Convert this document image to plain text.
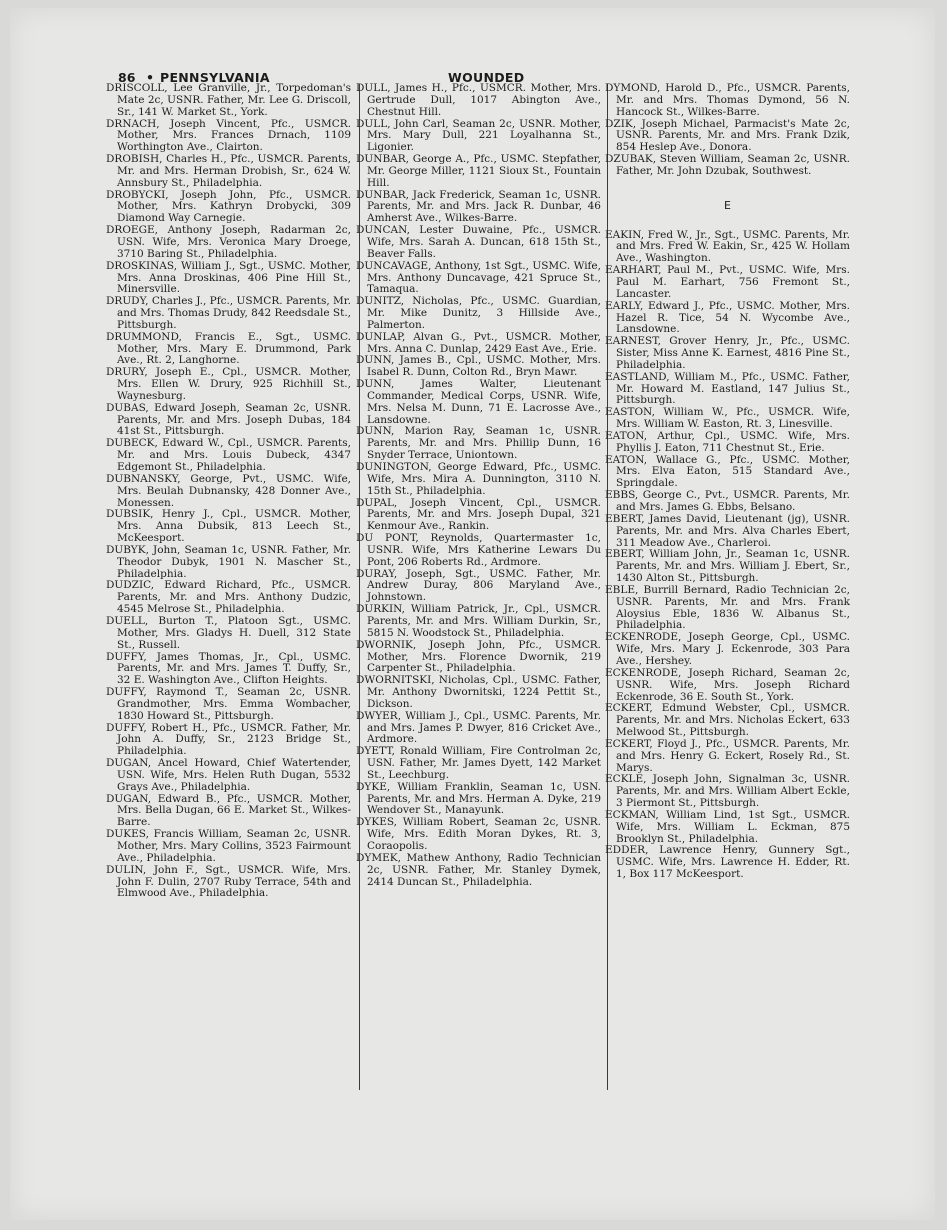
86 • PENNSYLVANIA	WOUNDED

DRISCOLL, Lee Granville, Jr., Torpedoman's Mate 2c, USNR. Father, Mr. Lee G. Driscoll, Sr., 141 W. Market St., York.

DRNACH, Joseph Vincent, Pfc., USMCR. Mother, Mrs. Frances Drnach, 1109 Worthington Ave., Clairton.

DROBISH, Charles H., Pfc., USMCR. Parents, Mr. and Mrs. Herman Drobish, Sr., 624 W. Annsbury St., Philadelphia.

DROBYCKI, Joseph John, Pfc., USMCR. Mother, Mrs. Kathryn Drobycki, 309 Diamond Way Carnegie.

DROEGE, Anthony Joseph, Radarman 2c, USN. Wife, Mrs. Veronica Mary Droege, 3710 Baring St., Philadelphia.

DROSKINAS, William J., Sgt., USMC. Mother, Mrs. Anna Droskinas, 406 Pine Hill St., Minersville.

DRUDY, Charles J., Pfc., USMCR. Parents, Mr. and Mrs. Thomas Drudy, 842 Reedsdale St., Pittsburgh.

DRUMMOND, Francis E., Sgt., USMC. Mother, Mrs. Mary E. Drummond, Park Ave., Rt. 2, Langhorne.

DRURY, Joseph E., Cpl., USMCR. Mother, Mrs. Ellen W. Drury, 925 Richhill St., Waynesburg.

DUBAS, Edward Joseph, Seaman 2c, USNR. Parents, Mr. and Mrs. Joseph Dubas, 184 41st St., Pittsburgh.

DUBECK, Edward W., Cpl., USMCR. Parents, Mr. and Mrs. Louis Dubeck, 4347 Edgemont St., Philadelphia.

DUBNANSKY, George, Pvt., USMC. Wife, Mrs. Beulah Dubnansky, 428 Donner Ave., Monessen.

DUBSIK, Henry J., Cpl., USMCR. Mother, Mrs. Anna Dubsik, 813 Leech St., McKeesport.

DUBYK, John, Seaman 1c, USNR. Father, Mr. Theodor Dubyk, 1901 N. Mascher St., Philadelphia.

DUDZIC, Edward Richard, Pfc., USMCR. Parents, Mr. and Mrs. Anthony Dudzic, 4545 Melrose St., Philadelphia.

DUELL, Burton T., Platoon Sgt., USMC. Mother, Mrs. Gladys H. Duell, 312 State St., Russell.

DUFFY, James Thomas, Jr., Cpl., USMC. Parents, Mr. and Mrs. James T. Duffy, Sr., 32 E. Washington Ave., Clifton Heights.

DUFFY, Raymond T., Seaman 2c, USNR. Grandmother, Mrs. Emma Wombacher, 1830 Howard St., Pittsburgh.

DUFFY, Robert H., Pfc., USMCR. Father, Mr. John A. Duffy, Sr., 2123 Bridge St., Philadelphia.

DUGAN, Ancel Howard, Chief Watertender, USN. Wife, Mrs. Helen Ruth Dugan, 5532 Grays Ave., Philadelphia.

DUGAN, Edward B., Pfc., USMCR. Mother, Mrs. Bella Dugan, 66 E. Market St., Wilkes-Barre.

DUKES, Francis William, Seaman 2c, USNR. Mother, Mrs. Mary Collins, 3523 Fairmount Ave., Philadelphia.

DULIN, John F., Sgt., USMCR. Wife, Mrs. John F. Dulin, 2707 Ruby Terrace, 54th and Elmwood Ave., Philadelphia.

DULL, James H., Pfc., USMCR. Mother, Mrs. Gertrude Dull, 1017 Abington Ave., Chestnut Hill.

DULL, John Carl, Seaman 2c, USNR. Mother, Mrs. Mary Dull, 221 Loyalhanna St., Ligonier.

DUNBAR, George A., Pfc., USMC. Stepfather, Mr. George Miller, 1121 Sioux St., Fountain Hill.

DUNBAR, Jack Frederick, Seaman 1c, USNR. Parents, Mr. and Mrs. Jack R. Dunbar, 46 Amherst Ave., Wilkes-Barre.

DUNCAN, Lester Duwaine, Pfc., USMCR. Wife, Mrs. Sarah A. Duncan, 618 15th St., Beaver Falls.

DUNCAVAGE, Anthony, 1st Sgt., USMC. Wife, Mrs. Anthony Duncavage, 421 Spruce St., Tamaqua.

DUNITZ, Nicholas, Pfc., USMC. Guardian, Mr. Mike Dunitz, 3 Hillside Ave., Palmerton.

DUNLAP, Alvan G., Pvt., USMCR. Mother, Mrs. Anna C. Dunlap, 2429 East Ave., Erie.

DUNN, James B., Cpl., USMC. Mother, Mrs. Isabel R. Dunn, Colton Rd., Bryn Mawr.

DUNN, James Walter, Lieutenant Commander, Medical Corps, USNR. Wife, Mrs. Nelsa M. Dunn, 71 E. Lacrosse Ave., Lansdowne.

DUNN, Marion Ray, Seaman 1c, USNR. Parents, Mr. and Mrs. Phillip Dunn, 16 Snyder Terrace, Uniontown.

DUNINGTON, George Edward, Pfc., USMC. Wife, Mrs. Mira A. Dunnington, 3110 N. 15th St., Philadelphia.

DUPAL, Joseph Vincent, Cpl., USMCR. Parents, Mr. and Mrs. Joseph Dupal, 321 Kenmour Ave., Rankin.

DU PONT, Reynolds, Quartermaster 1c, USNR. Wife, Mrs Katherine Lewars Du Pont, 206 Roberts Rd., Ardmore.

DURAY, Joseph, Sgt., USMC. Father, Mr. Andrew Duray, 806 Maryland Ave., Johnstown.

DURKIN, William Patrick, Jr., Cpl., USMCR. Parents, Mr. and Mrs. William Durkin, Sr., 5815 N. Woodstock St., Philadelphia.

DWORNIK, Joseph John, Pfc., USMCR. Mother, Mrs. Florence Dwornik, 219 Carpenter St., Philadelphia.

DWORNITSKI, Nicholas, Cpl., USMC. Father, Mr. Anthony Dwornitski, 1224 Pettit St., Dickson.

DWYER, William J., Cpl., USMC. Parents, Mr. and Mrs. James P. Dwyer, 816 Cricket Ave., Ardmore.

DYETT, Ronald William, Fire Controlman 2c, USN. Father, Mr. James Dyett, 142 Market St., Leechburg.

DYKE, William Franklin, Seaman 1c, USN. Parents, Mr. and Mrs. Herman A. Dyke, 219 Wendover St., Manayunk.

DYKES, William Robert, Seaman 2c, USNR. Wife, Mrs. Edith Moran Dykes, Rt. 3, Coraopolis.

DYMEK, Mathew Anthony, Radio Technician 2c, USNR. Father, Mr. Stanley Dymek, 2414 Duncan St., Philadelphia.

DYMOND, Harold D., Pfc., USMCR. Parents, Mr. and Mrs. Thomas Dymond, 56 N. Hancock St., Wilkes-Barre.

DZIK, Joseph Michael, Parmacist's Mate 2c, USNR. Parents, Mr. and Mrs. Frank Dzik, 854 Heslep Ave., Donora.

DZUBAK, Steven William, Seaman 2c, USNR. Father, Mr. John Dzubak, Southwest.

E

EAKIN, Fred W., Jr., Sgt., USMC. Parents, Mr. and Mrs. Fred W. Eakin, Sr., 425 W. Hollam Ave., Washington.

EARHART, Paul M., Pvt., USMC. Wife, Mrs. Paul M. Earhart, 756 Fremont St., Lancaster.

EARLY, Edward J., Pfc., USMC. Mother, Mrs. Hazel R. Tice, 54 N. Wycombe Ave., Lansdowne.

EARNEST, Grover Henry, Jr., Pfc., USMC. Sister, Miss Anne K. Earnest, 4816 Pine St., Philadelphia.

EASTLAND, William M., Pfc., USMC. Father, Mr. Howard M. Eastland, 147 Julius St., Pittsburgh.

EASTON, William W., Pfc., USMCR. Wife, Mrs. William W. Easton, Rt. 3, Linesville.

EATON, Arthur, Cpl., USMC. Wife, Mrs. Phyllis J. Eaton, 711 Chestnut St., Erie.

EATON, Wallace G., Pfc., USMC. Mother, Mrs. Elva Eaton, 515 Standard Ave., Springdale.

EBBS, George C., Pvt., USMCR. Parents, Mr. and Mrs. James G. Ebbs, Belsano.

EBERT, James David, Lieutenant (jg), USNR. Parents, Mr. and Mrs. Alva Charles Ebert, 311 Meadow Ave., Charleroi.

EBERT, William John, Jr., Seaman 1c, USNR. Parents, Mr. and Mrs. William J. Ebert, Sr., 1430 Alton St., Pittsburgh.

EBLE, Burrill Bernard, Radio Technician 2c, USNR. Parents, Mr. and Mrs. Frank Aloysius Eble, 1836 W. Albanus St., Philadelphia.

ECKENRODE, Joseph George, Cpl., USMC. Wife, Mrs. Mary J. Eckenrode, 303 Para Ave., Hershey.

ECKENRODE, Joseph Richard, Seaman 2c, USNR. Wife, Mrs. Joseph Richard Eckenrode, 36 E. South St., York.

ECKERT, Edmund Webster, Cpl., USMCR. Parents, Mr. and Mrs. Nicholas Eckert, 633 Melwood St., Pittsburgh.

ECKERT, Floyd J., Pfc., USMCR. Parents, Mr. and Mrs. Henry G. Eckert, Rosely Rd., St. Marys.

ECKLE, Joseph John, Signalman 3c, USNR. Parents, Mr. and Mrs. William Albert Eckle, 3 Piermont St., Pittsburgh.

ECKMAN, William Lind, 1st Sgt., USMCR. Wife, Mrs. William L. Eckman, 875 Brooklyn St., Philadelphia.

EDDER, Lawrence Henry, Gunnery Sgt., USMC. Wife, Mrs. Lawrence H. Edder, Rt. 1, Box 117 McKeesport.
